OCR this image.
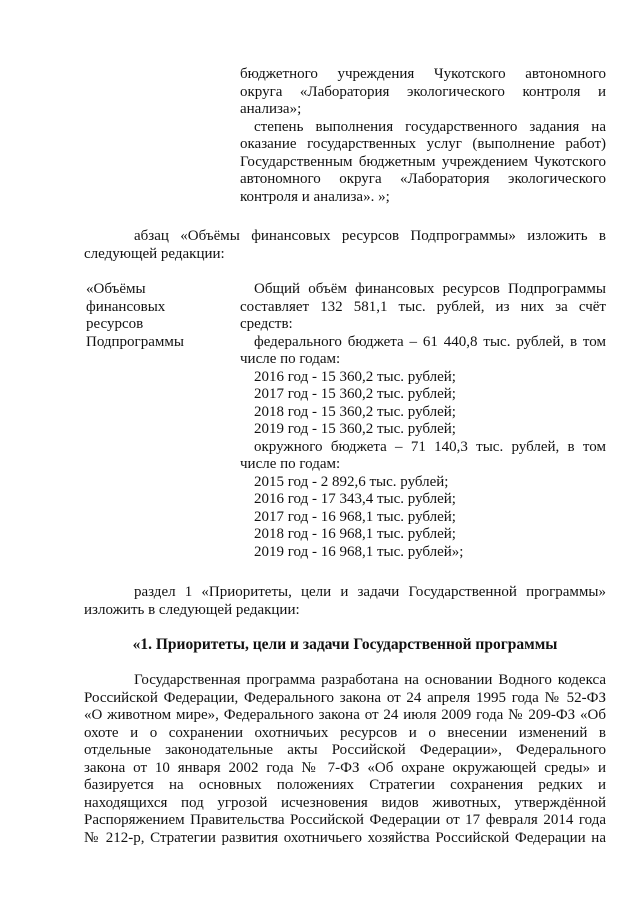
бюджетного учреждения Чукотского автономного
округа «Лаборатория экологического контроля и
анализа»;
степень выполнения государственного задания на
оказание государственных услуг (выполнение работ)
Государственным бюджетным учреждением Чукотского
автономного округа «Лаборатория экологического
контроля и анализа». »;
абзац «Объёмы финансовых ресурсов Подпрограммы» изложить в
следующей редакции:
«Объёмы
финансовых
ресурсов
Подпрограммы
Общий объём финансовых ресурсов Подпрограммы
составляет 132 581,1 тыс. рублей, из них за счёт
средств:
федерального бюджета – 61 440,8 тыс. рублей, в том
числе по годам:
2016 год - 15 360,2 тыс. рублей;
2017 год - 15 360,2 тыс. рублей;
2018 год - 15 360,2 тыс. рублей;
2019 год - 15 360,2 тыс. рублей;
окружного бюджета – 71 140,3 тыс. рублей, в том
числе по годам:
2015 год - 2 892,6 тыс. рублей;
2016 год - 17 343,4 тыс. рублей;
2017 год - 16 968,1 тыс. рублей;
2018 год - 16 968,1 тыс. рублей;
2019 год - 16 968,1 тыс. рублей»;
раздел 1 «Приоритеты, цели и задачи Государственной программы»
изложить в следующей редакции:
«1. Приоритеты, цели и задачи Государственной программы
Государственная программа разработана на основании Водного кодекса
Российской Федерации, Федерального закона от 24 апреля 1995 года № 52-ФЗ
«О животном мире», Федерального закона от 24 июля 2009 года № 209-ФЗ «Об
охоте и о сохранении охотничьих ресурсов и о внесении изменений в
отдельные законодательные акты Российской Федерации», Федерального
закона от 10 января 2002 года № 7-ФЗ «Об охране окружающей среды» и
базируется на основных положениях Стратегии сохранения редких и
находящихся под угрозой исчезновения видов животных, утверждённой
Распоряжением Правительства Российской Федерации от 17 февраля 2014 года
№ 212-р, Стратегии развития охотничьего хозяйства Российской Федерации на
